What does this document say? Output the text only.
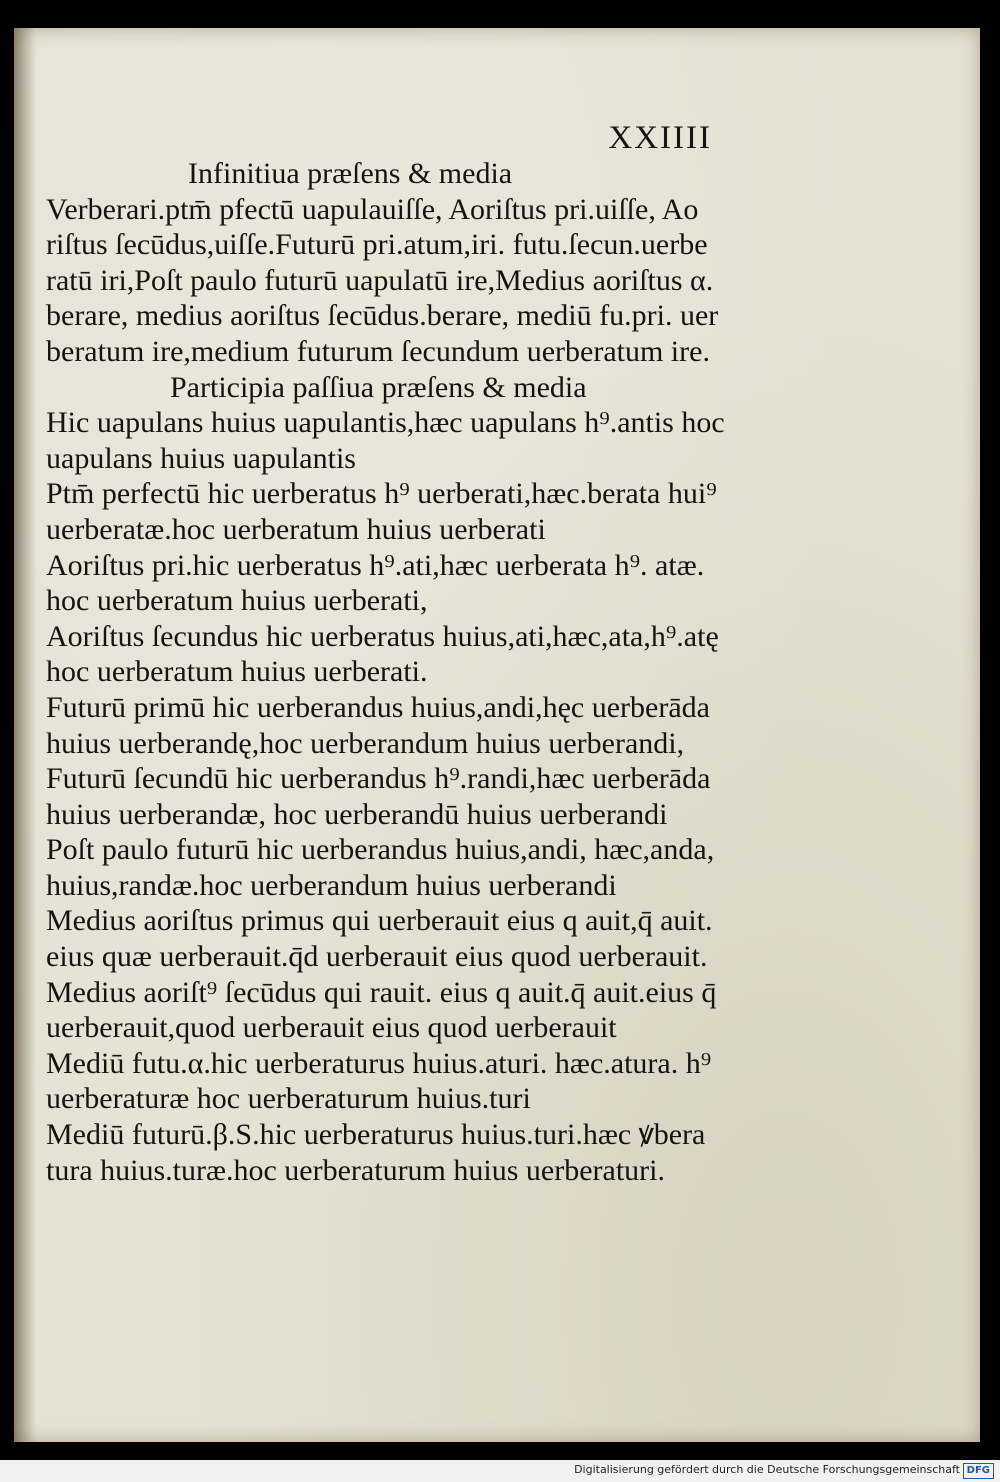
XXIIII
Infinitiua præſens & media
Verberari.ptm̄ pfectū uapulauiſſe, Aoriſtus pri.uiſſe, Ao
riſtus ſecūdus,uiſſe.Futurū pri.atum,iri. futu.ſecun.uerbe
ratū iri,Poſt paulo futurū uapulatū ire,Medius aoriſtus α.
berare, medius aoriſtus ſecūdus.berare, mediū fu.pri. uer
beratum ire,medium futurum ſecundum uerberatum ire.
Participia paſſiua præſens & media
Hic uapulans huius uapulantis,hæc uapulans h⁹.antis hoc
uapulans huius uapulantis
Ptm̄ perfectū hic uerberatus h⁹ uerberati,hæc.berata hui⁹
uerberatæ.hoc uerberatum huius uerberati
Aoriſtus pri.hic uerberatus h⁹.ati,hæc uerberata h⁹. atæ.
hoc uerberatum huius uerberati,
Aoriſtus ſecundus hic uerberatus huius,ati,hæc,ata,h⁹.atę
hoc uerberatum huius uerberati.
Futurū primū hic uerberandus huius,andi,hęc uerberāda
huius uerberandę,hoc uerberandum huius uerberandi,
Futurū ſecundū hic uerberandus h⁹.randi,hæc uerberāda
huius uerberandæ, hoc uerberandū huius uerberandi
Poſt paulo futurū hic uerberandus huius,andi, hæc,anda,
huius,randæ.hoc uerberandum huius uerberandi
Medius aoriſtus primus qui uerberauit eius q auit,q̄ auit.
eius quæ uerberauit.q̄d uerberauit eius quod uerberauit.
Medius aoriſt⁹ ſecūdus qui rauit. eius q auit.q̄ auit.eius q̄
uerberauit,quod uerberauit eius quod uerberauit
Mediū futu.α.hic uerberaturus huius.aturi. hæc.atura. h⁹
uerberaturæ hoc uerberaturum huius.turi
Mediū futurū.β.S.hic uerberaturus huius.turi.hæc ꝟbera
tura huius.turæ.hoc uerberaturum huius uerberaturi.
Digitalisierung gefördert durch die Deutsche Forschungsgemeinschaft DFG
